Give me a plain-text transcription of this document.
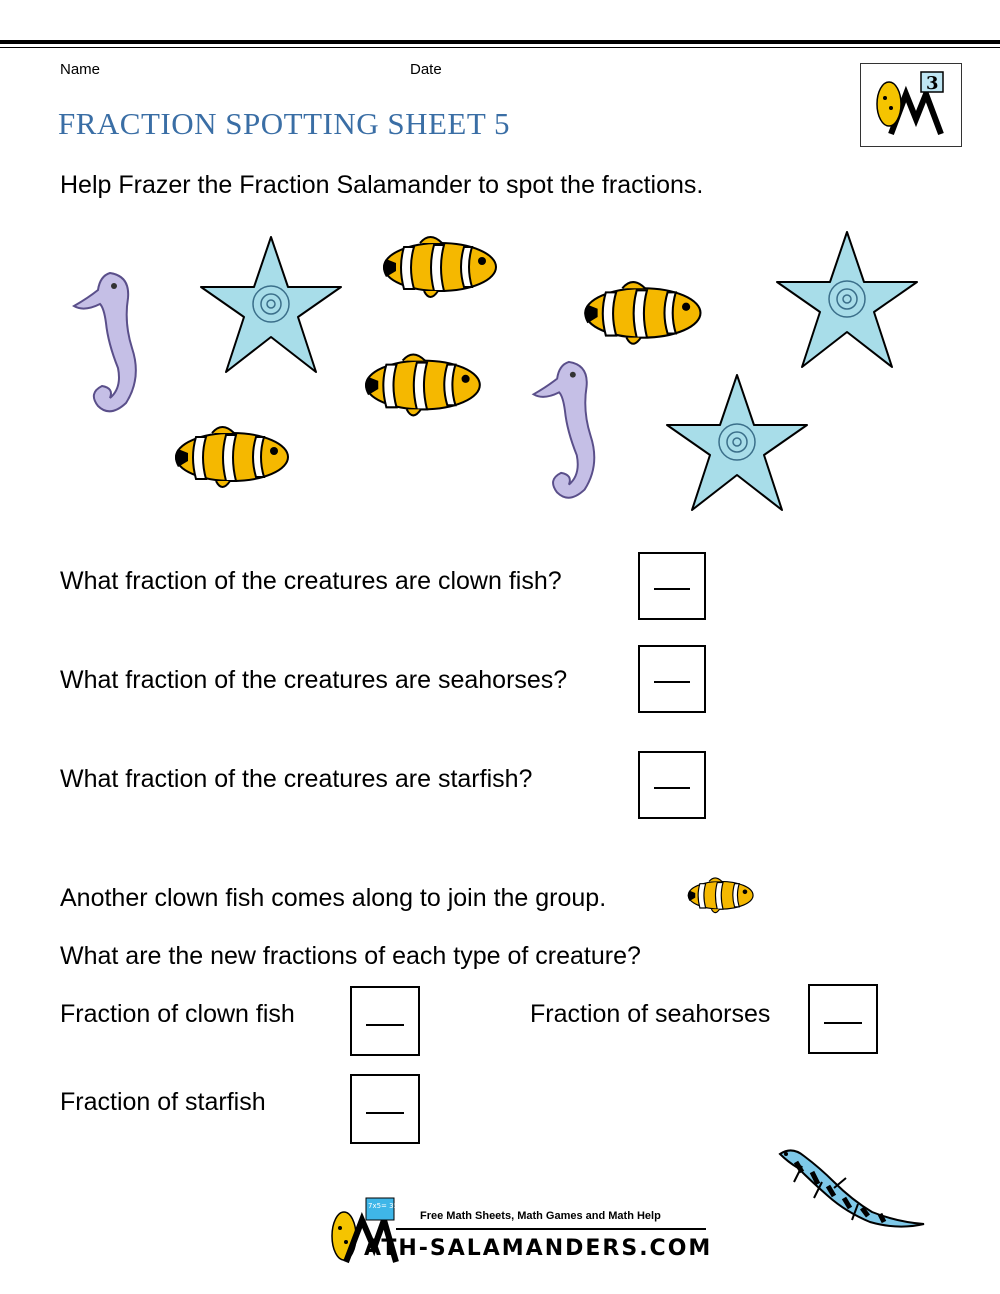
Name	Date
FRACTION SPOTTING SHEET 5
3
Help Frazer the Fraction Salamander to spot the fractions.
What fraction of the creatures are clown fish?
What fraction of the creatures are seahorses?
What fraction of the creatures are starfish?
Another clown fish comes along to join the group.
What are the new fractions of each type of creature?
Fraction of clown fish	Fraction of seahorses
Fraction of starfish
7x5= 35
Free Math Sheets, Math Games and Math Help
ATH-SALAMANDERS.COM
